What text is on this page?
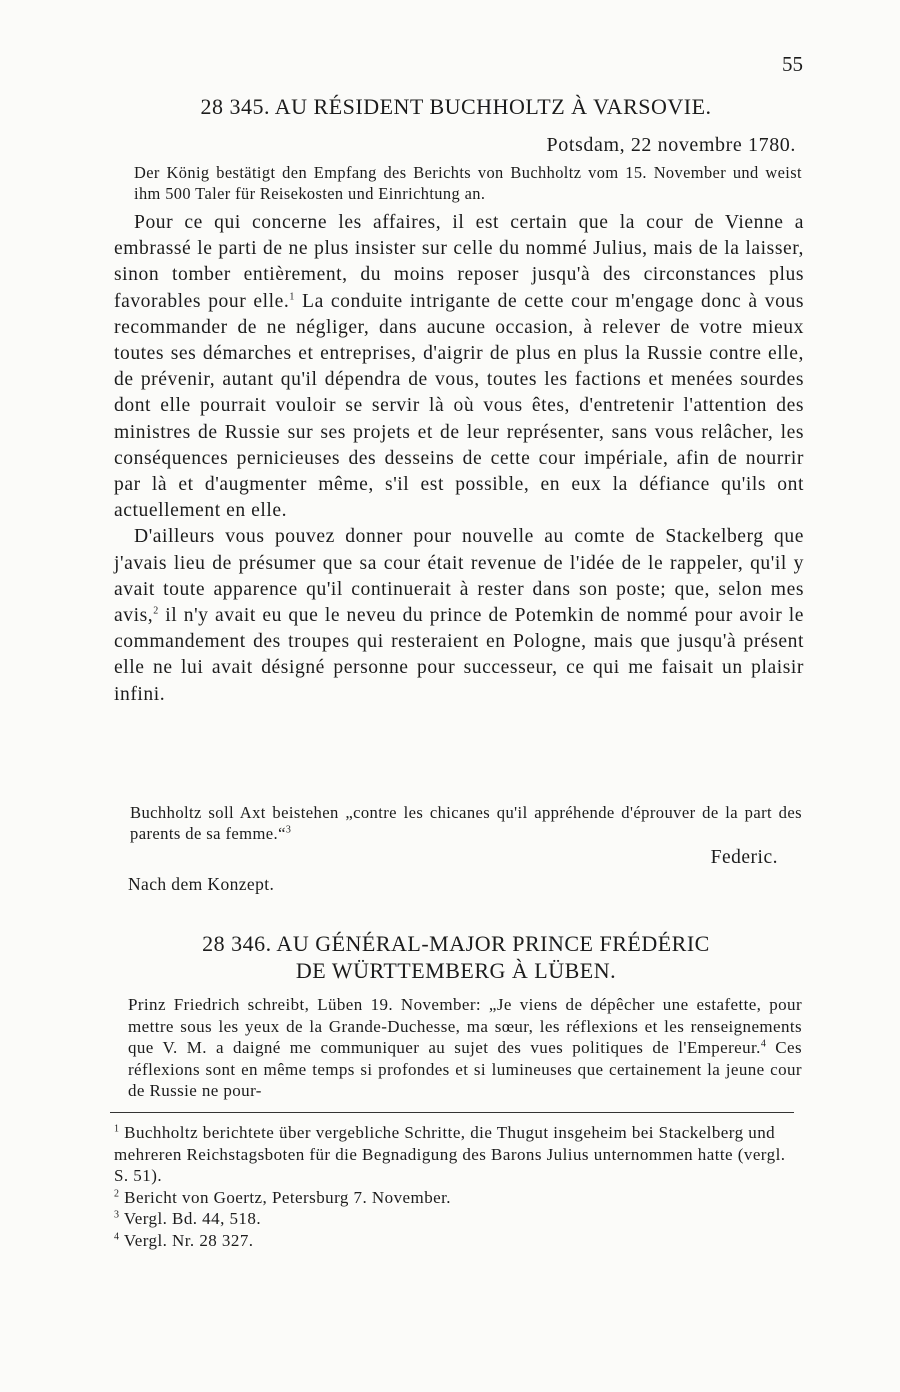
55
28 345. AU RÉSIDENT BUCHHOLTZ À VARSOVIE.
Potsdam, 22 novembre 1780.
Der König bestätigt den Empfang des Berichts von Buchholtz vom 15. November und weist ihm 500 Taler für Reisekosten und Einrichtung an.

Pour ce qui concerne les affaires, il est certain que la cour de Vienne a embrassé le parti de ne plus insister sur celle du nommé Julius, mais de la laisser, sinon tomber entièrement, du moins reposer jusqu'à des circonstances plus favorables pour elle.$^1$ La conduite intrigante de cette cour m'engage donc à vous recommander de ne négliger, dans aucune occasion, à relever de votre mieux toutes ses démarches et entreprises, d'aigrir de plus en plus la Russie contre elle, de prévenir, autant qu'il dépendra de vous, toutes les factions et menées sourdes dont elle pourrait vouloir se servir là où vous êtes, d'entretenir l'attention des ministres de Russie sur ses projets et de leur représenter, sans vous relâcher, les conséquences pernicieuses des desseins de cette cour impériale, afin de nourrir par là et d'augmenter même, s'il est possible, en eux la défiance qu'ils ont actuellement en elle.

D'ailleurs vous pouvez donner pour nouvelle au comte de Stackelberg que j'avais lieu de présumer que sa cour était revenue de l'idée de le rappeler, qu'il y avait toute apparence qu'il continuerait à rester dans son poste; que, selon mes avis,$^2$ il n'y avait eu que le neveu du prince de Potemkin de nommé pour avoir le commandement des troupes qui resteraient en Pologne, mais que jusqu'à présent elle ne lui avait désigné personne pour successeur, ce qui me faisait un plaisir infini.

Buchholtz soll Axt beistehen „contre les chicanes qu'il appréhende d'éprouver de la part des parents de sa femme.“$^3$
Federic.
Nach dem Konzept.
28 346. AU GÉNÉRAL-MAJOR PRINCE FRÉDÉRIC
DE WÜRTTEMBERG À LÜBEN.
Prinz Friedrich schreibt, Lüben 19. November: „Je viens de dépêcher une estafette, pour mettre sous les yeux de la Grande-Duchesse, ma sœur, les réflexions et les renseignements que V. M. a daigné me communiquer au sujet des vues politiques de l'Empereur.$^4$ Ces réflexions sont en même temps si profondes et si lumineuses que certainement la jeune cour de Russie ne pour-
$^1$ Buchholtz berichtete über vergebliche Schritte, die Thugut insgeheim bei Stackelberg und mehreren Reichstagsboten für die Begnadigung des Barons Julius unternommen hatte (vergl. S. 51).
$^2$ Bericht von Goertz, Petersburg 7. November.
$^3$ Vergl. Bd. 44, 518.
$^4$ Vergl. Nr. 28 327.
